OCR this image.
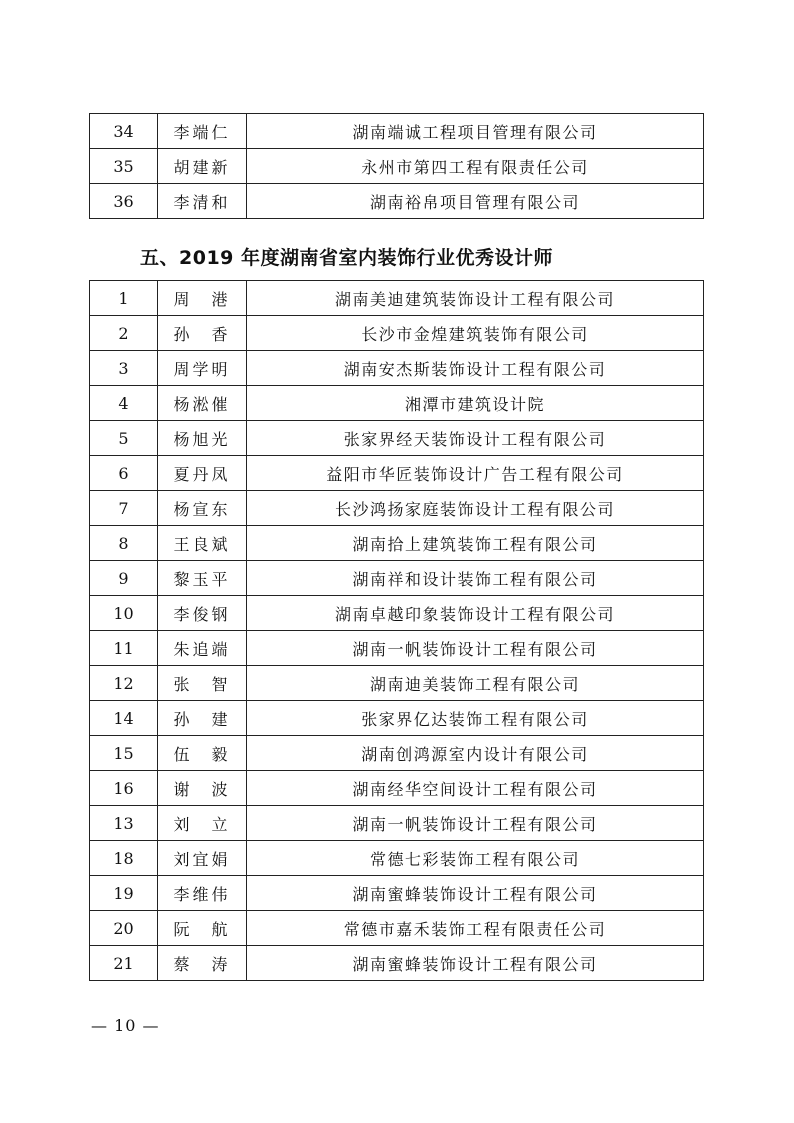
34	李端仁	湖南端诚工程项目管理有限公司
35	胡建新	永州市第四工程有限责任公司
36	李清和	湖南裕帛项目管理有限公司
五、2019 年度湖南省室内装饰行业优秀设计师
1	周　港	湖南美迪建筑装饰设计工程有限公司
2	孙　香	长沙市金煌建筑装饰有限公司
3	周学明	湖南安杰斯装饰设计工程有限公司
4	杨淞催	湘潭市建筑设计院
5	杨旭光	张家界经天装饰设计工程有限公司
6	夏丹凤	益阳市华匠装饰设计广告工程有限公司
7	杨宣东	长沙鸿扬家庭装饰设计工程有限公司
8	王良斌	湖南拾上建筑装饰工程有限公司
9	黎玉平	湖南祥和设计装饰工程有限公司
10	李俊钢	湖南卓越印象装饰设计工程有限公司
11	朱追端	湖南一帆装饰设计工程有限公司
12	张　智	湖南迪美装饰工程有限公司
14	孙　建	张家界亿达装饰工程有限公司
15	伍　毅	湖南创鸿源室内设计有限公司
16	谢　波	湖南经华空间设计工程有限公司
13	刘　立	湖南一帆装饰设计工程有限公司
18	刘宜娟	常德七彩装饰工程有限公司
19	李维伟	湖南蜜蜂装饰设计工程有限公司
20	阮　航	常德市嘉禾装饰工程有限责任公司
21	蔡　涛	湖南蜜蜂装饰设计工程有限公司
— 10 —
